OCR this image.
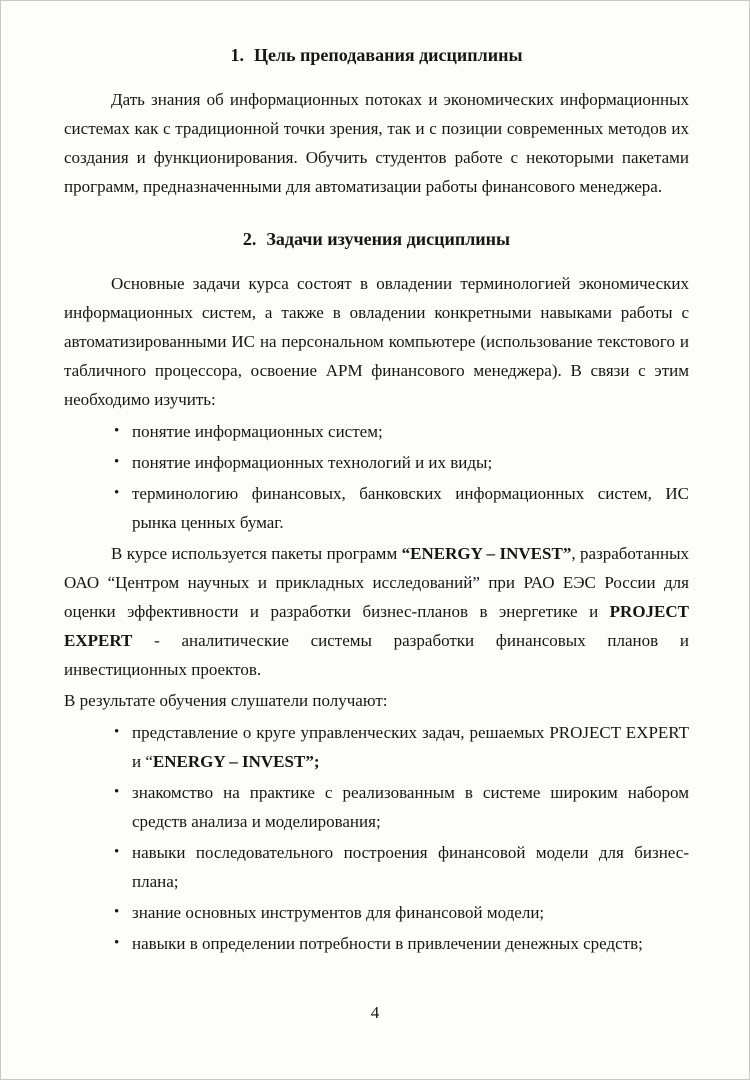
1. Цель преподавания дисциплины

Дать знания об информационных потоках и экономических информационных системах как с традиционной точки зрения, так и с позиции современных методов их создания и функционирования. Обучить студентов работе с некоторыми пакетами программ, предназначенными для автоматизации работы финансового менеджера.

2. Задачи изучения дисциплины

Основные задачи курса состоят в овладении терминологией экономических информационных систем, а также в овладении конкретными навыками работы с автоматизированными ИС на персональном компьютере (использование текстового и табличного процессора, освоение АРМ финансового менеджера). В связи с этим необходимо изучить:

• понятие информационных систем;
• понятие информационных технологий и их виды;
• терминологию финансовых, банковских информационных систем, ИС рынка ценных бумаг.

В курсе используется пакеты программ “ENERGY – INVEST”, разработанных ОАО “Центром научных и прикладных исследований” при РАО ЕЭС России для оценки эффективности и разработки бизнес-планов в энергетике и PROJECT EXPERT - аналитические системы разработки финансовых планов и инвестиционных проектов.

В результате обучения слушатели получают:

• представление о круге управленческих задач, решаемых PROJECT EXPERT и “ENERGY – INVEST”;
• знакомство на практике с реализованным в системе широким набором средств анализа и моделирования;
• навыки последовательного построения финансовой модели для бизнес-плана;
• знание основных инструментов для финансовой модели;
• навыки в определении потребности в привлечении денежных средств;
4
